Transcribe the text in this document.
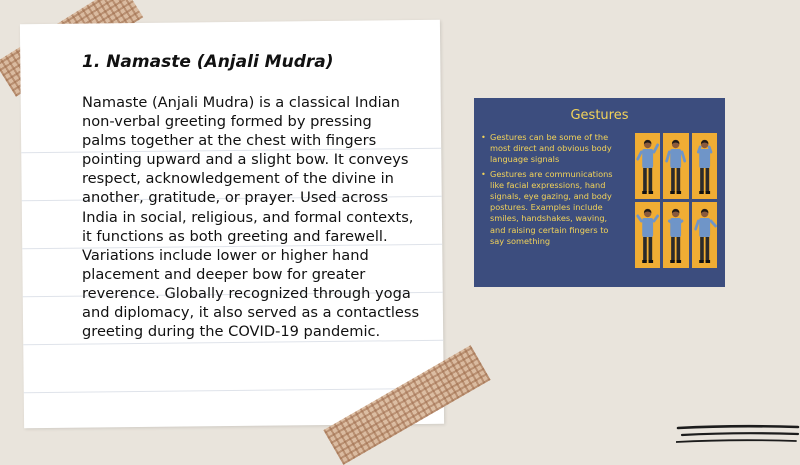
1. Namaste (Anjali Mudra)
Namaste (Anjali Mudra) is a classical Indian
non-verbal greeting formed by pressing
palms together at the chest with fingers
pointing upward and a slight bow. It conveys
respect, acknowledgement of the divine in
another, gratitude, or prayer. Used across
India in social, religious, and formal contexts,
it functions as both greeting and farewell.
Variations include lower or higher hand
placement and deeper bow for greater
reverence. Globally recognized through yoga
and diplomacy, it also served as a contactless
greeting during the COVID-19 pandemic.
Gestures
• Gestures can be some of the
most direct and obvious body
language signals
• Gestures are communications
like facial expressions, hand
signals, eye gazing, and body
postures. Examples include
smiles, handshakes, waving,
and raising certain fingers to
say something
